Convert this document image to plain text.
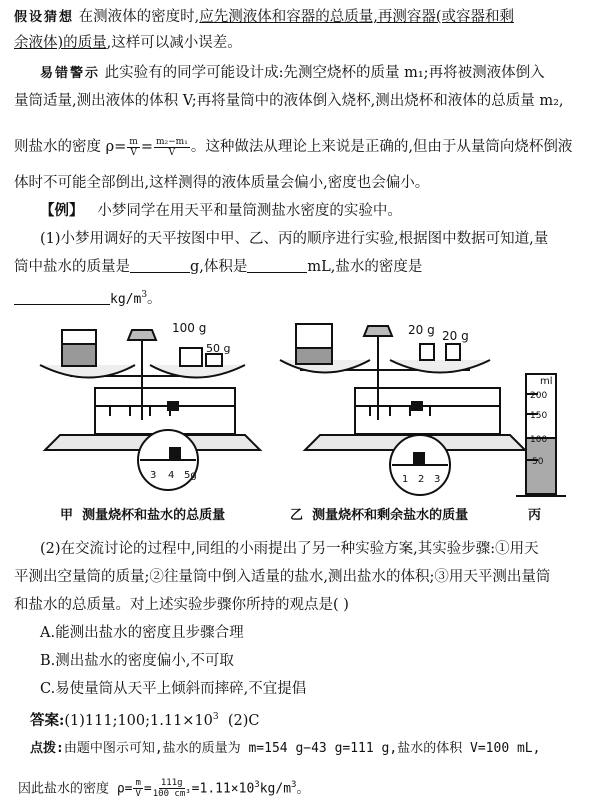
假设猜想 在测液体的密度时,应先测液体和容器的总质量,再测容器(或容器和剩
余液体)的质量,这样可以减小误差。
易错警示 此实验有的同学可能设计成:先测空烧杯的质量 m₁;再将被测液体倒入
量筒适量,测出液体的体积 V;再将量筒中的液体倒入烧杯,测出烧杯和液体的总质量 m₂,
则盐水的密度 $\rho= \frac{m}{V} = \frac{\text{m₂−m₁}}{V}$ 。这种做法从理论上来说是正确的,但由于从量筒向烧杯倒液
体时不可能全部倒出,这样测得的液体质量会偏小,密度也会偏小。
【例】 小梦同学在用天平和量筒测盐水密度的实验中。
(1)小梦用调好的天平按图中甲、乙、丙的顺序进行实验,根据图中数据可知道,量
筒中盐水的质量是	g,体积是	mL,盐水的密度是
$kg/m^3$。
100 g
50 g
3 4 5g
20 g 20 g
1 2 3
ml
200
150
100
50
甲 测量烧杯和盐水的总质量	乙 测量烧杯和剩余盐水的质量	丙
(2)在交流讨论的过程中,同组的小雨提出了另一种实验方案,其实验步骤:①用天
平测出空量筒的质量;②往量筒中倒入适量的盐水,测出盐水的体积;③用天平测出量筒
和盐水的总质量。对上述实验步骤你所持的观点是( )
A.能测出盐水的密度且步骤合理
B.测出盐水的密度偏小,不可取
C.易使量筒从天平上倾斜而摔碎,不宜提倡
答案$:(1)111;100;1.11\times 10^3$ (2)C
点拨:由题中图示可知,盐水的质量为 m=154 g−43 g=111 g,盐水的体积 V=100 mL,
因此盐水的密度 $\rho= \frac{m}{V} = \frac{111g}{\text{100 cm³}} =1.11\times 10^3kg/m^3$。
